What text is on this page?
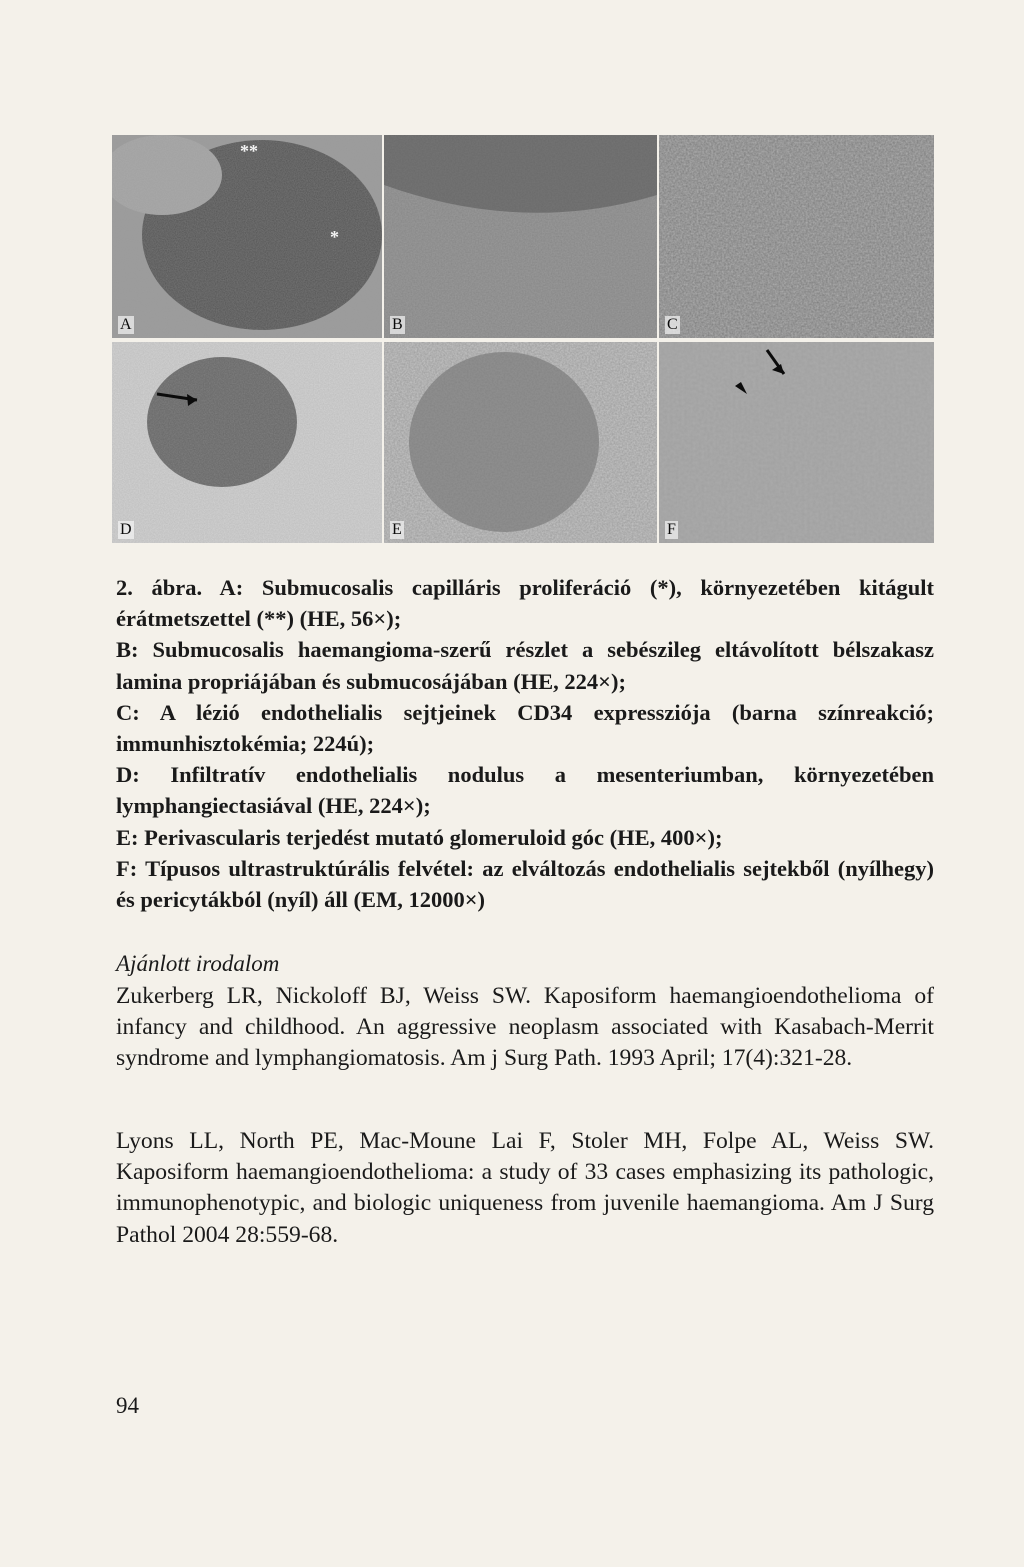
**
*
A	B	C
D	E	F

2. ábra. A: Submucosalis capilláris proliferáció (*), környezetében kitágult érátmetszettel (**) (HE, 56×);

B: Submucosalis haemangioma-szerű részlet a sebészileg eltávolított bélszakasz lamina propriájában és submucosájában (HE, 224×);

C: A lézió endothelialis sejtjeinek CD34 expressziója (barna színreakció; immunhisztokémia; 224ú);

D: Infiltratív endothelialis nodulus a mesenteriumban, környezetében lymphangiectasiával (HE, 224×);

E: Perivascularis terjedést mutató glomeruloid góc (HE, 400×);

F: Típusos ultrastruktúrális felvétel: az elváltozás endothelialis sejtekből (nyílhegy) és pericytákból (nyíl) áll (EM, 12000×)

Ajánlott irodalom
Zukerberg LR, Nickoloff BJ, Weiss SW. Kaposiform haemangioendothelioma of infancy and childhood. An aggressive neoplasm associated with Kasabach-Merrit syndrome and lymphangiomatosis. Am j Surg Path. 1993 April; 17(4):321-28.
Lyons LL, North PE, Mac-Moune Lai F, Stoler MH, Folpe AL, Weiss SW. Kaposiform haemangioendothelioma: a study of 33 cases emphasizing its pathologic, immunophenotypic, and biologic uniqueness from juvenile haemangioma. Am J Surg Pathol 2004 28:559-68.
94
